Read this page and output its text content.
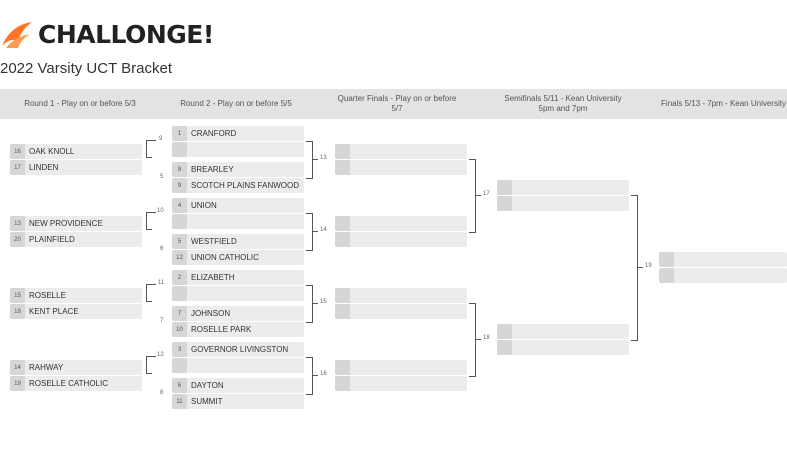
CHALLONGE!
2022 Varsity UCT Bracket
Round 1 - Play on or before 5/3	Round 2 - Play on or before 5/5
Quarter Finals - Play on or before 5/7
Semifinals 5/11 - Kean University 5pm and 7pm
Finals 5/13 - 7pm - Kean University
16	OAK KNOLL
17	LINDEN
13	NEW PROVIDENCE
20	PLAINFIELD
15	ROSELLE
18	KENT PLACE
14	RAHWAY
19	ROSELLE CATHOLIC
9
10
11
12
1	CRANFORD
5
8	BREARLEY
9	SCOTCH PLAINS FANWOOD
4	UNION
6
5	WESTFIELD
12	UNION CATHOLIC
2	ELIZABETH
7
7	JOHNSON
10	ROSELLE PARK
3	GOVERNOR LIVINGSTON
8
6	DAYTON
11	SUMMIT
13
14
15
16
17
18
19
